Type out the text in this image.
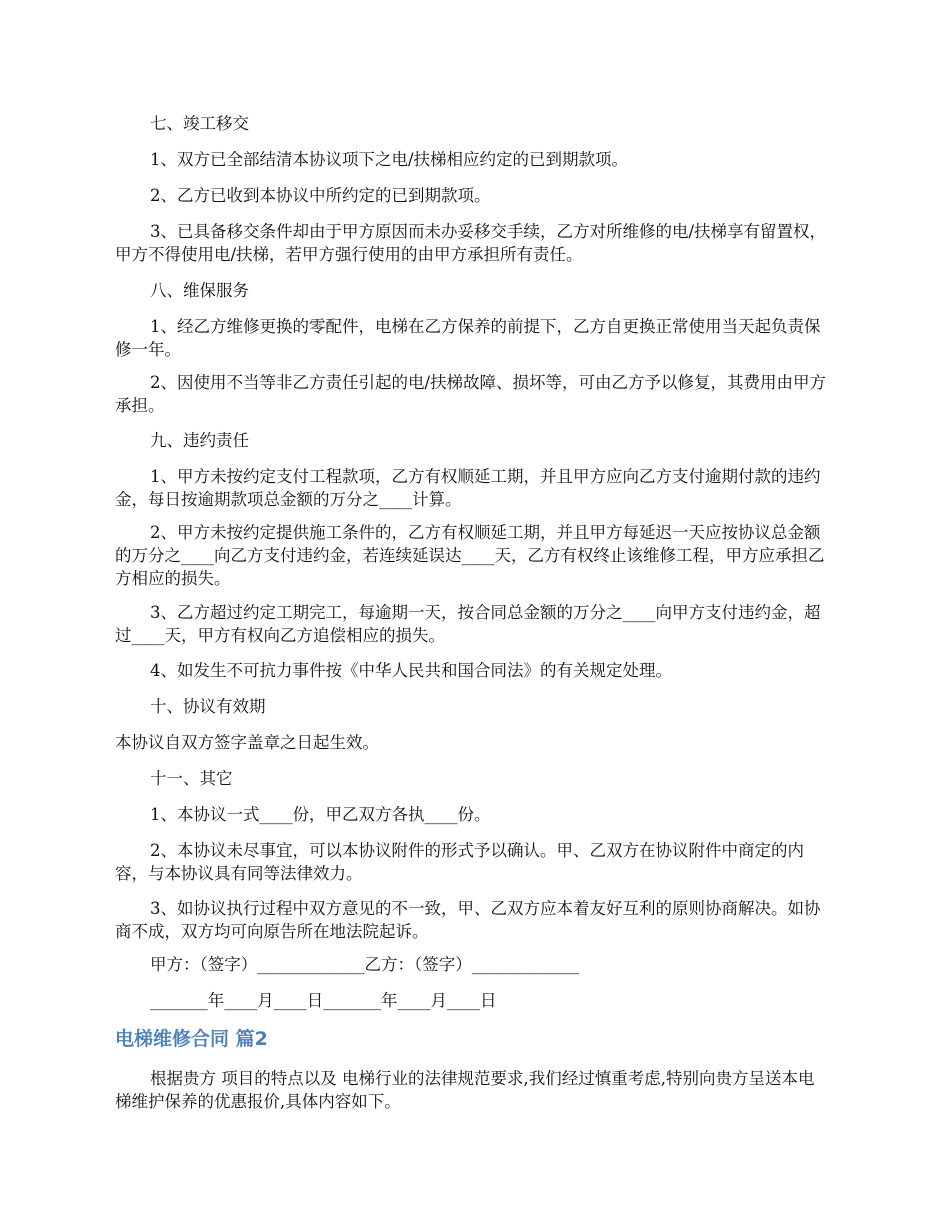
七、竣工移交

1、双方已全部结清本协议项下之电/扶梯相应约定的已到期款项。

2、乙方已收到本协议中所约定的已到期款项。

3、已具备移交条件却由于甲方原因而未办妥移交手续，乙方对所维修的电/扶梯享有留置权，甲方不得使用电/扶梯，若甲方强行使用的由甲方承担所有责任。

八、维保服务

1、经乙方维修更换的零配件，电梯在乙方保养的前提下，乙方自更换正常使用当天起负责保修一年。

2、因使用不当等非乙方责任引起的电/扶梯故障、损坏等，可由乙方予以修复，其费用由甲方承担。

九、违约责任

1、甲方未按约定支付工程款项，乙方有权顺延工期，并且甲方应向乙方支付逾期付款的违约金，每日按逾期款项总金额的万分之____计算。

2、甲方未按约定提供施工条件的，乙方有权顺延工期，并且甲方每延迟一天应按协议总金额的万分之____向乙方支付违约金，若连续延误达____天，乙方有权终止该维修工程，甲方应承担乙方相应的损失。

3、乙方超过约定工期完工，每逾期一天，按合同总金额的万分之____向甲方支付违约金，超过____天，甲方有权向乙方追偿相应的损失。

4、如发生不可抗力事件按《中华人民共和国合同法》的有关规定处理。

十、协议有效期

本协议自双方签字盖章之日起生效。

十一、其它

1、本协议一式____份，甲乙双方各执____份。

2、本协议未尽事宜，可以本协议附件的形式予以确认。甲、乙双方在协议附件中商定的内容，与本协议具有同等法律效力。

3、如协议执行过程中双方意见的不一致，甲、乙双方应本着友好互利的原则协商解决。如协商不成，双方均可向原告所在地法院起诉。

甲方：（签字）_____________乙方：（签字）_____________

_______年____月____日_______年____月____日

电梯维修合同 篇2

根据贵方 项目的特点以及 电梯行业的法律规范要求,我们经过慎重考虑,特别向贵方呈送本电梯维护保养的优惠报价,具体内容如下。
